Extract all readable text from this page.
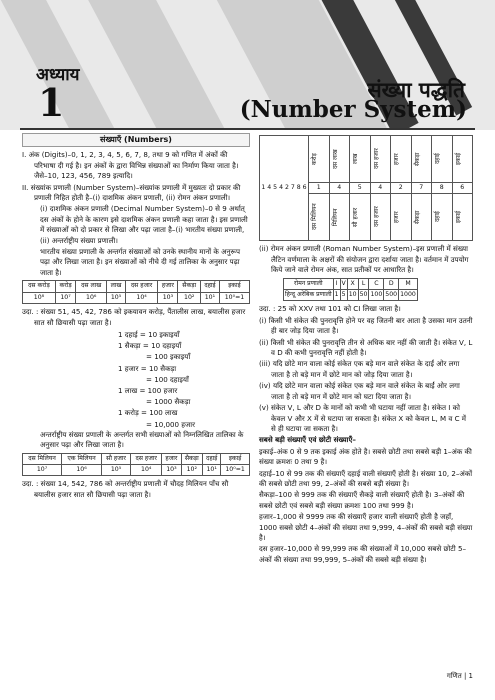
अध्याय
1	संख्या पद्धति
(Number System)
संख्याएँ (Numbers)

I. अंक (Digits)–0, 1, 2, 3, 4, 5, 6, 7, 8, तथा 9 को गणित में अंकों की परिभाषा दी गई है। इन अंकों के द्वारा विभिन्न संख्याओं का निर्माण किया जाता है। जैसे–10, 123, 456, 789 इत्यादि।

II. संख्यांक प्रणाली (Number System)–संख्यांक प्रणाली में मुख्यतः दो प्रकार की प्रणाली निहित होती है–(i) दाशमिक अंकन प्रणाली, (ii) रोमन अंकन प्रणाली।

(i) दाशमिक अंकन प्रणाली (Decimal Number System)–0 से 9 अर्थात् दस अंकों के होने के कारण इसे दाशमिक अंकन प्रणाली कहा जाता है। इस प्रणाली में संख्याओं को दो प्रकार से लिखा और पढ़ा जाता है–(i) भारतीय संख्या प्रणाली, (ii) अन्तर्राष्ट्रीय संख्या प्रणाली।

भारतीय संख्या प्रणाली के अन्तर्गत संख्याओं को उनके स्थानीय मानों के अनुरूप पढ़ा और लिखा जाता है। इन संख्याओं को नीचे दी गई तालिका के अनुसार पढ़ा जाता है।

दस करोड़	करोड़	दस लाख	लाख	दस हजार	हजार	सैकड़ा	दहाई	इकाई
10⁸	10⁷	10⁶	10⁵	10⁴	10³	10²	10¹	10⁰=1

उदा. : संख्या 51, 45, 42, 786 को इकयावन करोड़, पैंतालीस लाख, बयालीस हजार सात सौ छियासी पढ़ा जाता है।

1 दहाई = 10 इकाइयाँ
1 सैकड़ा = 10 दहाइयाँ
= 100 इकाइयाँ
1 हजार = 10 सैकड़ा
= 100 दहाइयाँ
1 लाख = 100 हजार
= 1000 सैकड़ा
1 करोड़ = 100 लाख
= 10,000 हजार

अन्तर्राष्ट्रीय संख्या प्रणाली के अन्तर्गत सभी संख्याओं को निम्नलिखित तालिका के अनुसार पढ़ा और लिखा जाता है।

दस मिलियन	एक मिलियन	सौ हजार	दस हजार	हजार	सैकड़ा	दहाई	इकाई
10⁷	10⁶	10⁵	10⁴	10³	10²	10¹	10⁰=1

उदा. : संख्या 14, 542, 786 को अन्तर्राष्ट्रीय प्रणाली में चौदह मिलियन पाँच सौ बयालीस हजार सात सौ छियासी पढ़ा जाता है।

1 4 5 4 2 7 8 6	करोड़	दस लाख	लाख	दस हजार	हजार	सैकड़ा	दहाई	इकाई

	1	4	5	4	2	7	8	6

	दस मिलियन	मिलियन	सौ हजार	दस हजार	हजार	सैकड़ा	दहाई	इकाई

(ii) रोमन अंकन प्रणाली (Roman Number System)–इस प्रणाली में संख्या लैटिन वर्णमाला के अक्षरों की संयोजन द्वारा दर्शाया जाता है। वर्तमान में उपयोग किये जाने वाले रोमन अंक, सात प्रतीकों पर आधारित है।

रोमन प्रणाली	I	V	X	L	C	D	M
हिन्दू अरेबिक प्रणाली	1	5	10	50	100	500	1000

उदा. : 25 को XXV तथा 101 को CI लिखा जाता है।

(i) किसी भी संकेत की पुनरावृत्ति होने पर वह जितनी बार आता है उसका मान उतनी ही बार जोड़ दिया जाता है।

(ii) किसी भी संकेत की पुनरावृत्ति तीन से अधिक बार नहीं की जाती है। संकेत V, L व D की कभी पुनरावृत्ति नहीं होती है।

(iii) यदि छोटे मान वाला कोई संकेत एक बड़े मान वाले संकेत के दाईं ओर लगा जाता है तो बड़े मान में छोटे मान को जोड़ दिया जाता है।

(iv) यदि छोटे मान वाला कोई संकेत एक बड़े मान वाले संकेत के बाईं ओर लगा जाता है तो बड़े मान में छोटे मान को घटा दिया जाता है।

(v) संकेत V, L और D के मानों को कभी भी घटाया नहीं जाता है। संकेत I को केवल V और X में से घटाया जा सकता है। संकेत X को केवल L, M व C में से ही घटाया जा सकता है।

सबसे बड़ी संख्याएँ एवं छोटी संख्याएँ–

इकाई–अंक 0 से 9 तक इकाई अंक होते है। सबसे छोटी तथा सबसे बड़ी 1–अंक की संख्या क्रमशः 0 तथा 9 है।

दहाई–10 से 99 तक की संख्याएँ दहाई वाली संख्याएँ होती है। संख्या 10, 2–अंकों की सबसे छोटी तथा 99, 2–अंकों की सबसे बड़ी संख्या है।

सैकड़ा–100 से 999 तक की संख्याएँ सैकड़े वाली संख्याएँ होती है। 3–अंकों की सबसे छोटी एवं सबसे बड़ी संख्या क्रमशः 100 तथा 999 है।

हजार–1,000 से 9999 तक की संख्याएँ हजार वाली संख्याएँ होती है जहाँ, 1000 सबसे छोटी 4–अंकों की संख्या तथा 9,999, 4–अंकों की सबसे बड़ी संख्या है।

दस हजार–10,000 से 99,999 तक की संख्याओं में 10,000 सबसे छोटी 5–अंकों की संख्या तथा 99,999, 5–अंकों की सबसे बड़ी संख्या है।

गणित | 1
